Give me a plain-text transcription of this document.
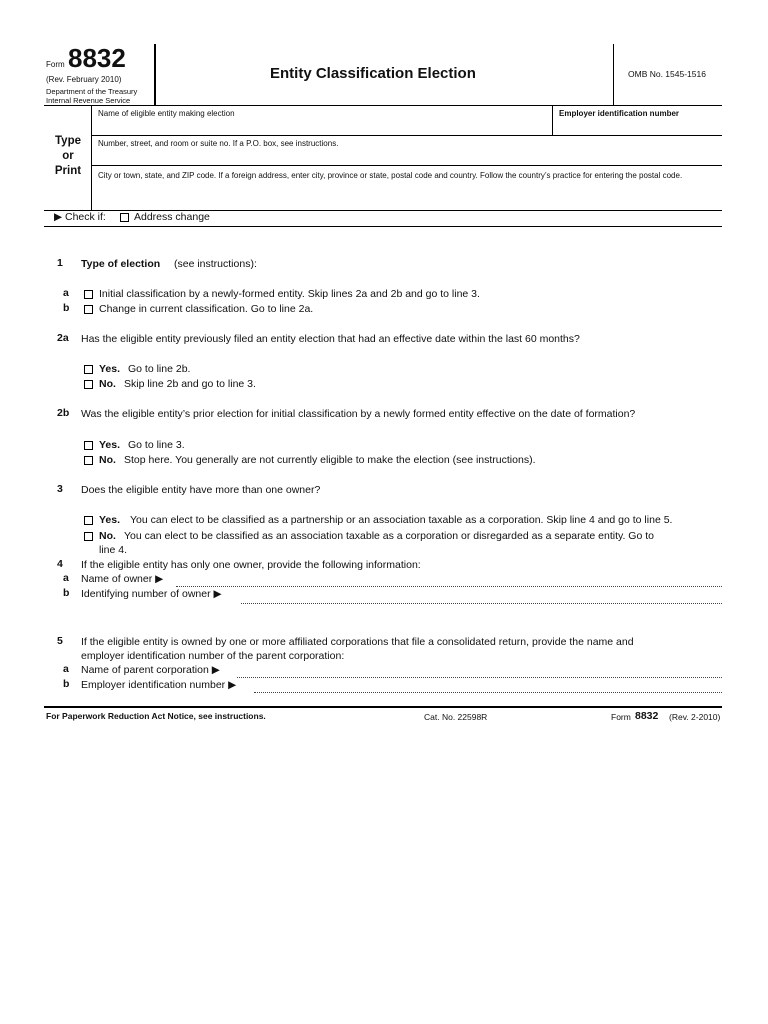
Form 8832
(Rev. February 2010)
Department of the Treasury
Internal Revenue Service
Entity Classification Election	OMB No. 1545-1516
Type
or
Print
Name of eligible entity making election	Employer identification number
Number, street, and room or suite no. If a P.O. box, see instructions.
City or town, state, and ZIP code. If a foreign address, enter city, province or state, postal code and country. Follow the country’s practice for entering the postal code.
▶ Check if:	Address change
1 Type of election (see instructions):
a	Initial classification by a newly-formed entity. Skip lines 2a and 2b and go to line 3.
b	Change in current classification. Go to line 2a.
2a Has the eligible entity previously filed an entity election that had an effective date within the last 60 months?
Yes. Go to line 2b.
No. Skip line 2b and go to line 3.
2b Was the eligible entity’s prior election for initial classification by a newly formed entity effective on the date of formation?
Yes. Go to line 3.
No. Stop here. You generally are not currently eligible to make the election (see instructions).
3 Does the eligible entity have more than one owner?
Yes. You can elect to be classified as a partnership or an association taxable as a corporation. Skip line 4 and go to line 5.
No. You can elect to be classified as an association taxable as a corporation or disregarded as a separate entity. Go to
line 4.
4 If the eligible entity has only one owner, provide the following information:
a Name of owner ▶
b Identifying number of owner ▶
5 If the eligible entity is owned by one or more affiliated corporations that file a consolidated return, provide the name and
employer identification number of the parent corporation:
a Name of parent corporation ▶
b Employer identification number ▶
For Paperwork Reduction Act Notice, see instructions.	Cat. No. 22598R	Form 8832 (Rev. 2-2010)
